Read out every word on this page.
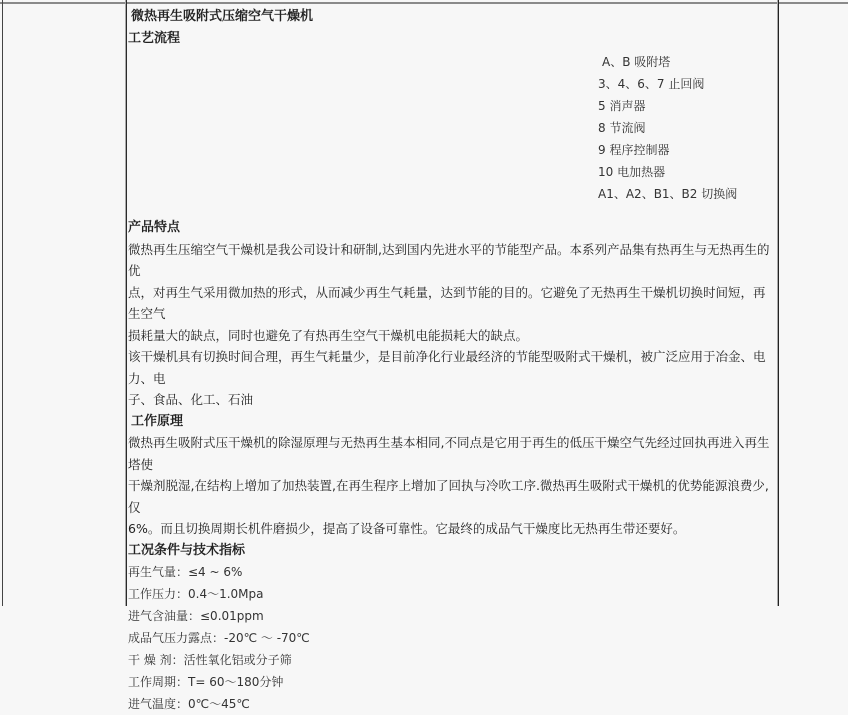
微热再生吸附式压缩空气干燥机
工艺流程
A、B 吸附塔
3、4、6、7 止回阀
5 消声器
8 节流阀
9 程序控制器
10 电加热器
A1、A2、B1、B2 切换阀
产品特点

微热再生压缩空气干燥机是我公司设计和研制,达到国内先进水平的节能型产品。本系列产品集有热再生与无热再生的优

点，对再生气采用微加热的形式，从而减少再生气耗量，达到节能的目的。它避免了无热再生干燥机切换时间短，再生空气

损耗量大的缺点，同时也避免了有热再生空气干燥机电能损耗大的缺点。

该干燥机具有切换时间合理，再生气耗量少，是目前净化行业最经济的节能型吸附式干燥机，被广泛应用于冶金、电力、电

子、食品、化工、石油

工作原理

微热再生吸附式压干燥机的除湿原理与无热再生基本相同,不同点是它用于再生的低压干燥空气先经过回执再进入再生塔使

干燥剂脱湿,在结构上增加了加热装置,在再生程序上增加了回执与冷吹工序.微热再生吸附式干燥机的优势能源浪费少,仅

6%。而且切换周期长机件磨损少，提高了设备可靠性。它最终的成品气干燥度比无热再生带还要好。

工况条件与技术指标
再生气量：≤4 ~ 6%
工作压力：0.4～1.0Mpa
进气含油量：≤0.01ppm
成品气压力露点：-20℃ ～ -70℃
干 燥 剂：活性氧化铝或分子筛
工作周期：T= 60～180分钟
进气温度：0℃～45℃
